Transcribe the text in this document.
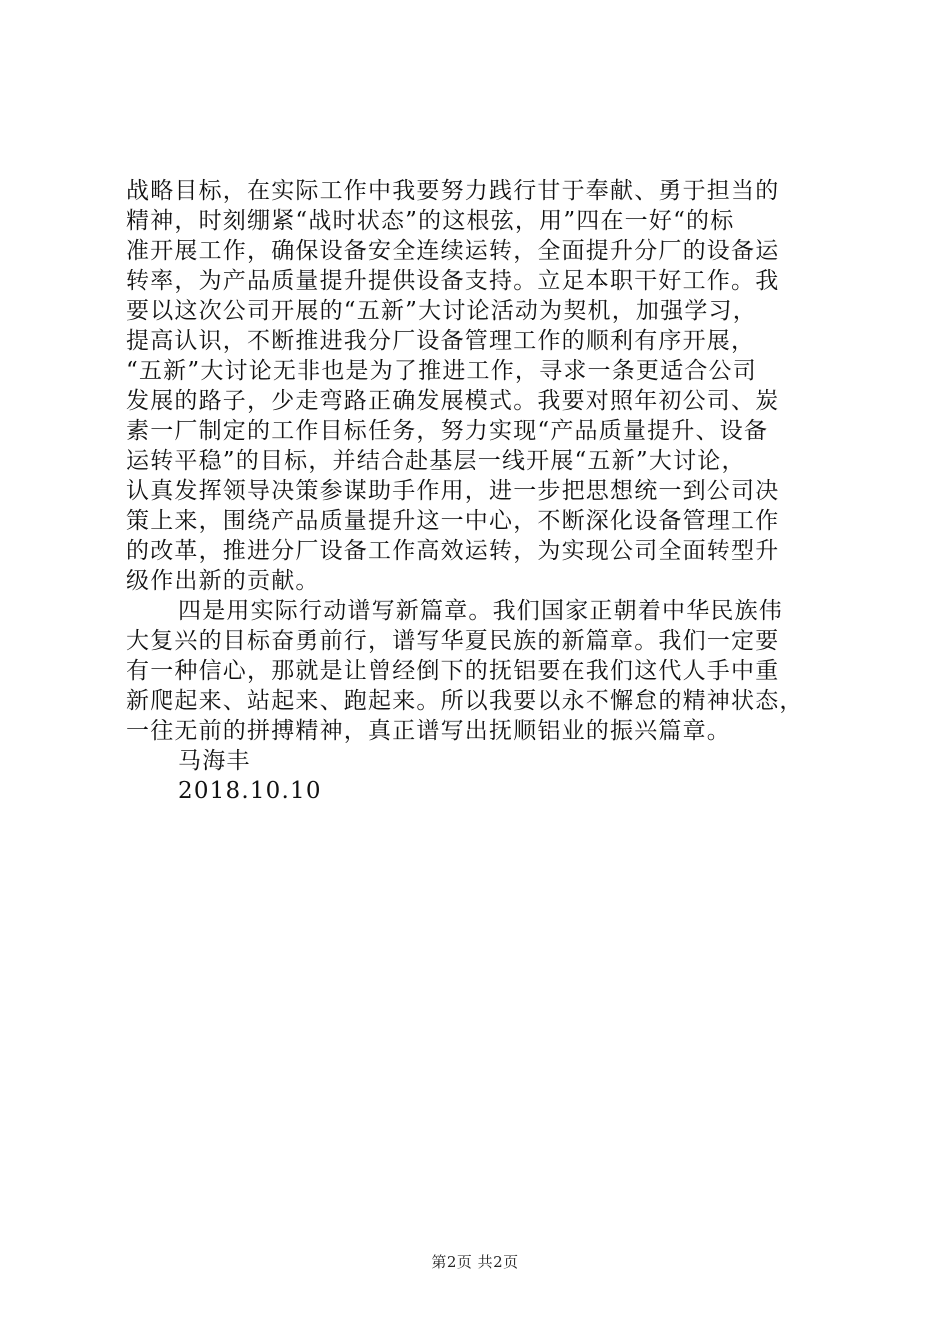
战略目标，在实际工作中我要努力践行甘于奉献、勇于担当的
精神，时刻绷紧“战时状态”的这根弦，用”四在一好“的标
准开展工作，确保设备安全连续运转，全面提升分厂的设备运
转率，为产品质量提升提供设备支持。立足本职干好工作。我
要以这次公司开展的“五新”大讨论活动为契机，加强学习，
提高认识，不断推进我分厂设备管理工作的顺利有序开展，
“五新”大讨论无非也是为了推进工作，寻求一条更适合公司
发展的路子，少走弯路正确发展模式。我要对照年初公司、炭
素一厂制定的工作目标任务，努力实现“产品质量提升、设备
运转平稳”的目标，并结合赴基层一线开展“五新”大讨论，
认真发挥领导决策参谋助手作用，进一步把思想统一到公司决
策上来，围绕产品质量提升这一中心，不断深化设备管理工作
的改革，推进分厂设备工作高效运转，为实现公司全面转型升
级作出新的贡献。
四是用实际行动谱写新篇章。我们国家正朝着中华民族伟
大复兴的目标奋勇前行，谱写华夏民族的新篇章。我们一定要
有一种信心，那就是让曾经倒下的抚铝要在我们这代人手中重
新爬起来、站起来、跑起来。所以我要以永不懈怠的精神状态，
一往无前的拼搏精神，真正谱写出抚顺铝业的振兴篇章。
马海丰
2018.10.10
第2页 共2页
